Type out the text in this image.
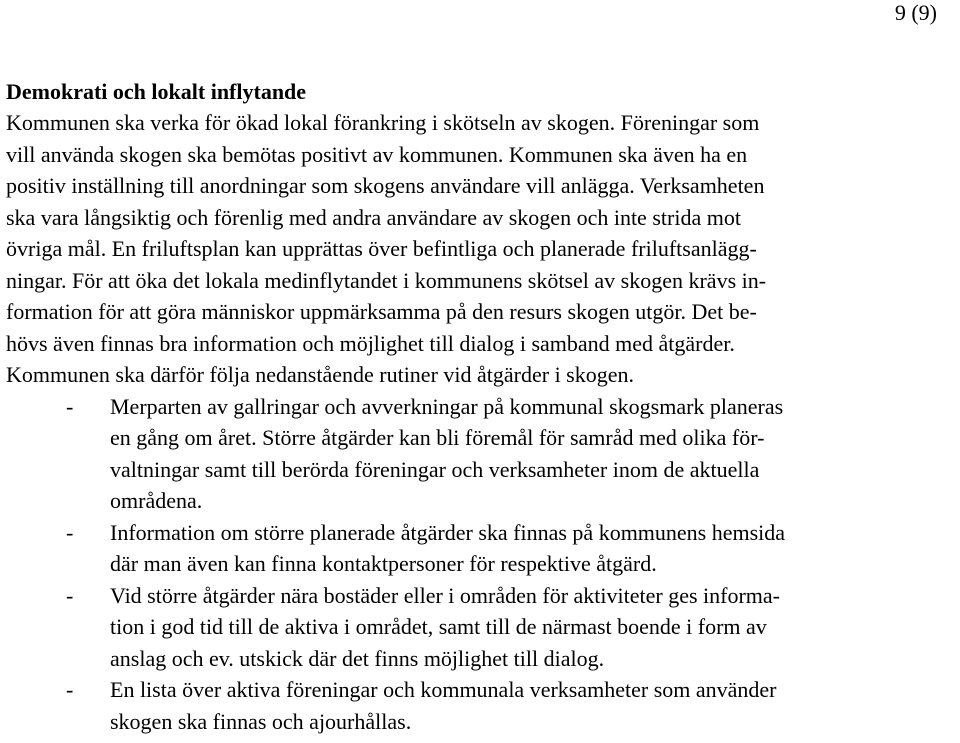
9 (9)
Demokrati och lokalt inflytande
Kommunen ska verka för ökad lokal förankring i skötseln av skogen. Föreningar som
vill använda skogen ska bemötas positivt av kommunen. Kommunen ska även ha en
positiv inställning till anordningar som skogens användare vill anlägga. Verksamheten
ska vara långsiktig och förenlig med andra användare av skogen och inte strida mot
övriga mål. En friluftsplan kan upprättas över befintliga och planerade friluftsanlägg-
ningar. För att öka det lokala medinflytandet i kommunens skötsel av skogen krävs in-
formation för att göra människor uppmärksamma på den resurs skogen utgör. Det be-
hövs även finnas bra information och möjlighet till dialog i samband med åtgärder.
Kommunen ska därför följa nedanstående rutiner vid åtgärder i skogen.
- Merparten av gallringar och avverkningar på kommunal skogsmark planeras
en gång om året. Större åtgärder kan bli föremål för samråd med olika för-
valtningar samt till berörda föreningar och verksamheter inom de aktuella
områdena.
- Information om större planerade åtgärder ska finnas på kommunens hemsida
där man även kan finna kontaktpersoner för respektive åtgärd.
- Vid större åtgärder nära bostäder eller i områden för aktiviteter ges informa-
tion i god tid till de aktiva i området, samt till de närmast boende i form av
anslag och ev. utskick där det finns möjlighet till dialog.
- En lista över aktiva föreningar och kommunala verksamheter som använder
skogen ska finnas och ajourhållas.
